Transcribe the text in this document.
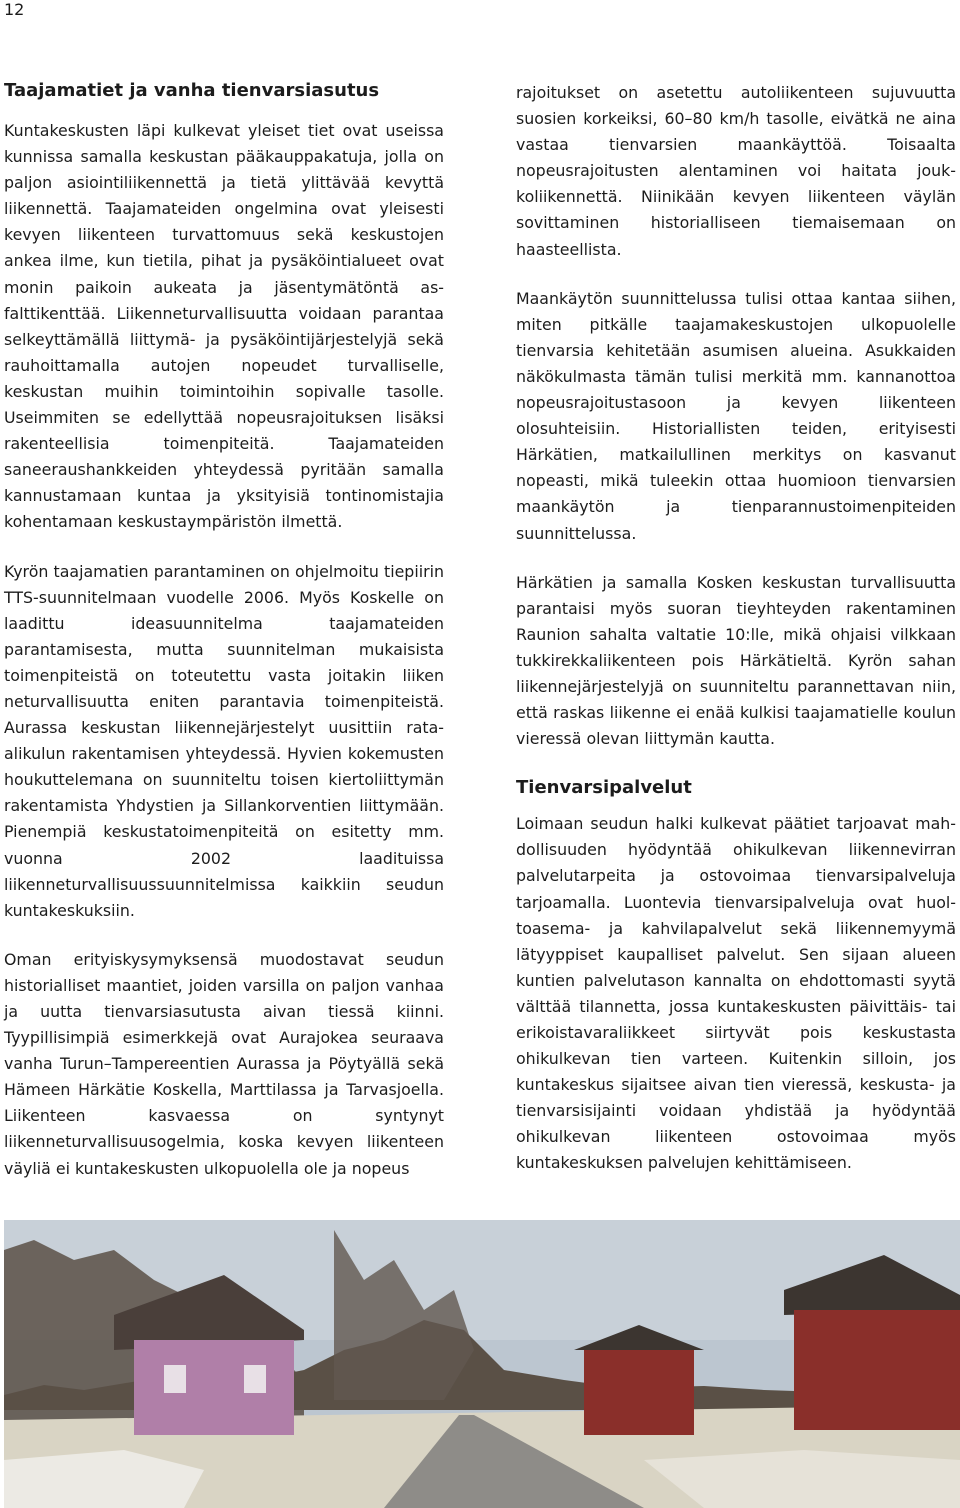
12
Taajamatiet ja vanha tienvarsiasutus

Kuntakeskusten läpi kulkevat yleiset tiet ovat useissa kunnissa samalla keskustan pääkauppakatuja, jolla on paljon asiointiliikennettä ja tietä ylittävää kevyttä liikennettä. Taajamateiden ongelmina ovat yleisesti kevyen liikenteen turvattomuus sekä keskustojen ankea ilme, kun tietila, pihat ja pysäköintialueet ovat monin paikoin aukeata ja jäsentymätöntä asfalttikenttää. Liikenneturvallisuutta voidaan parantaa selkeyttämällä liittymä- ja pysäköintijärjestelyjä sekä rauhoittamalla autojen nopeudet turvalliselle, keskustan muihin toimintoihin sopivalle tasolle. Useimmiten se edellyttää nopeusrajoituksen lisäksi rakenteellisia toimenpiteitä. Taajamateiden saneeraushankkeiden yhteydessä pyritään samalla kannustamaan kuntaa ja yksityisiä tontinomistajia kohentamaan keskustaympäristön ilmettä.

Kyrön taajamatien parantaminen on ohjelmoitu tiepiirin TTS-suunnitelmaan vuodelle 2006. Myös Koskelle on laadittu ideasuunnitelma taajamateiden parantamisesta, mutta suunnitelman mukaisista toimenpiteistä on toteutettu vasta joitakin liiken neturvallisuutta eniten parantavia toimenpiteistä. Aurassa keskustan liikennejärjestelyt uusittiin rata-alikulun rakentamisen yhteydessä. Hyvien kokemusten houkuttelemana on suunniteltu toisen kiertoliittymän rakentamista Yhdystien ja Sillankorventien liittymään. Pienempiä keskustatoimenpiteitä on esitetty mm. vuonna 2002 laadituissa liikenneturvallisuussuunnitelmissa kaikkiin seudun kuntakeskuksiin.

Oman erityiskysymyksensä muodostavat seudun historialliset maantiet, joiden varsilla on paljon vanhaa ja uutta tienvarsiasutusta aivan tiessä kiinni. Tyypillisimpiä esimerkkejä ovat Aurajokea seuraava vanha Turun–Tampereentien Aurassa ja Pöytyällä sekä Hämeen Härkätie Koskella, Marttilassa ja Tarvasjoella. Liikenteen kasvaessa on syntynyt liikenneturvallisuusogelmia, koska kevyen liikenteen väyliä ei kuntakeskusten ulkopuolella ole ja nopeus

rajoitukset on asetettu autoliikenteen sujuvuutta suosien korkeiksi, 60–80 km/h tasolle, eivätkä ne aina vastaa tienvarsien maankäyttöä. Toisaalta nopeusrajoitusten alentaminen voi haitata joukkoliikennettä. Niinikään kevyen liikenteen väylän sovittaminen historialliseen tiemaisemaan on haasteellista.

Maankäytön suunnittelussa tulisi ottaa kantaa siihen, miten pitkälle taajamakeskustojen ulkopuolelle tienvarsia kehitetään asumisen alueina. Asukkaiden näkökulmasta tämän tulisi merkitä mm. kannanottoa nopeusrajoitustasoon ja kevyen liikenteen olosuhteisiin. Historiallisten teiden, erityisesti Härkätien, matkailullinen merkitys on kasvanut nopeasti, mikä tuleekin ottaa huomioon tienvarsien maankäytön ja tienparannustoimenpiteiden suunnittelussa.

Härkätien ja samalla Kosken keskustan turvallisuutta parantaisi myös suoran tieyhteyden rakentaminen Raunion sahalta valtatie 10:lle, mikä ohjaisi vilkkaan tukkirekkaliikenteen pois Härkätieltä. Kyrön sahan liikennejärjestelyjä on suunniteltu parannettavan niin, että raskas liikenne ei enää kulkisi taajamatielle koulun vieressä olevan liittymän kautta.

Tienvarsipalvelut

Loimaan seudun halki kulkevat päätiet tarjoavat mahdollisuuden hyödyntää ohikulkevan liikennevirran palvelutarpeita ja ostovoimaa tienvarsipalveluja tarjoamalla. Luontevia tienvarsipalveluja ovat huoltoasema- ja kahvilapalvelut sekä liikennemyymä lätyyppiset kaupalliset palvelut. Sen sijaan alueen kuntien palvelutason kannalta on ehdottomasti syytä välttää tilannetta, jossa kuntakeskusten päivittäis- tai erikoistavaraliikkeet siirtyvät pois keskustasta ohikulkevan tien varteen. Kuitenkin silloin, jos kuntakeskus sijaitsee aivan tien vieressä, keskusta- ja tienvarsisijainti voidaan yhdistää ja hyödyntää ohikulkevan liikenteen ostovoimaa myös kuntakeskuksen palvelujen kehittämiseen.
